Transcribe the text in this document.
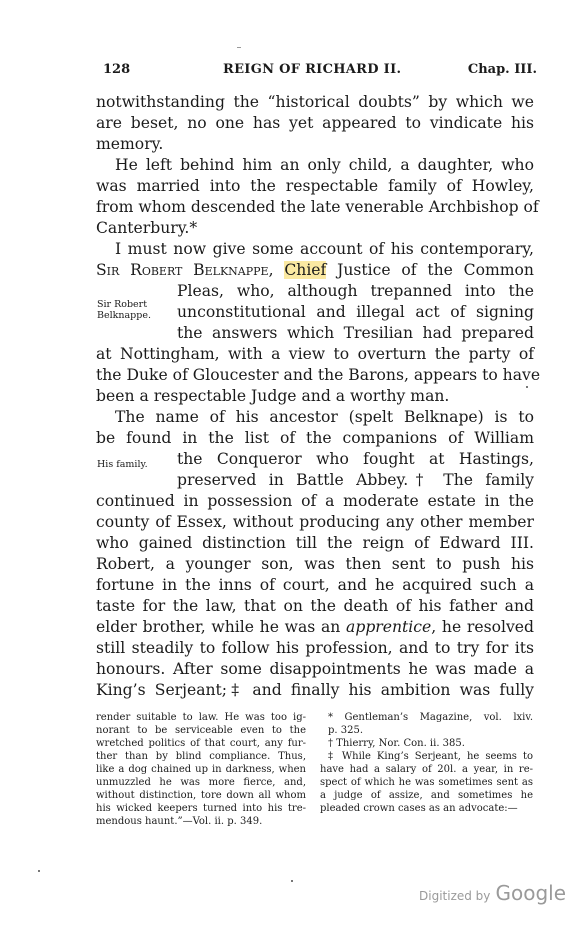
128	REIGN OF RICHARD II.	Chap. III.
notwithstanding the “historical doubts” by which we
are beset, no one has yet appeared to vindicate his
memory.
He left behind him an only child, a daughter, who
was married into the respectable family of Howley,
from whom descended the late venerable Archbishop of
Canterbury.*
I must now give some account of his contemporary,
Sir Robert Belknappe, Chief Justice of the Common
Pleas, who, although trepanned into the
unconstitutional and illegal act of signing
the answers which Tresilian had prepared
at Nottingham, with a view to overturn the party of
the Duke of Gloucester and the Barons, appears to have
been a respectable Judge and a worthy man.
The name of his ancestor (spelt Belknape) is to
be found in the list of the companions of William
the Conqueror who fought at Hastings,
preserved in Battle Abbey.† The family
continued in possession of a moderate estate in the
county of Essex, without producing any other member
who gained distinction till the reign of Edward III.
Robert, a younger son, was then sent to push his
fortune in the inns of court, and he acquired such a
taste for the law, that on the death of his father and
elder brother, while he was an apprentice, he resolved
still steadily to follow his profession, and to try for its
honours. After some disappointments he was made a
King’s Serjeant;‡ and finally his ambition was fully
Sir Robert
Belknappe.
His family.
render suitable to law. He was too ig-
norant to be serviceable even to the
wretched politics of that court, any fur-
ther than by blind compliance. Thus,
like a dog chained up in darkness, when
unmuzzled he was more fierce, and,
without distinction, tore down all whom
his wicked keepers turned into his tre-
mendous haunt.”—Vol. ii. p. 349.
* Gentleman’s Magazine, vol. lxiv.
p. 325.
† Thierry, Nor. Con. ii. 385.
‡ While King’s Serjeant, he seems to
have had a salary of 20l. a year, in re-
spect of which he was sometimes sent as
a judge of assize, and sometimes he
pleaded crown cases as an advocate:—
Digitized by Google
